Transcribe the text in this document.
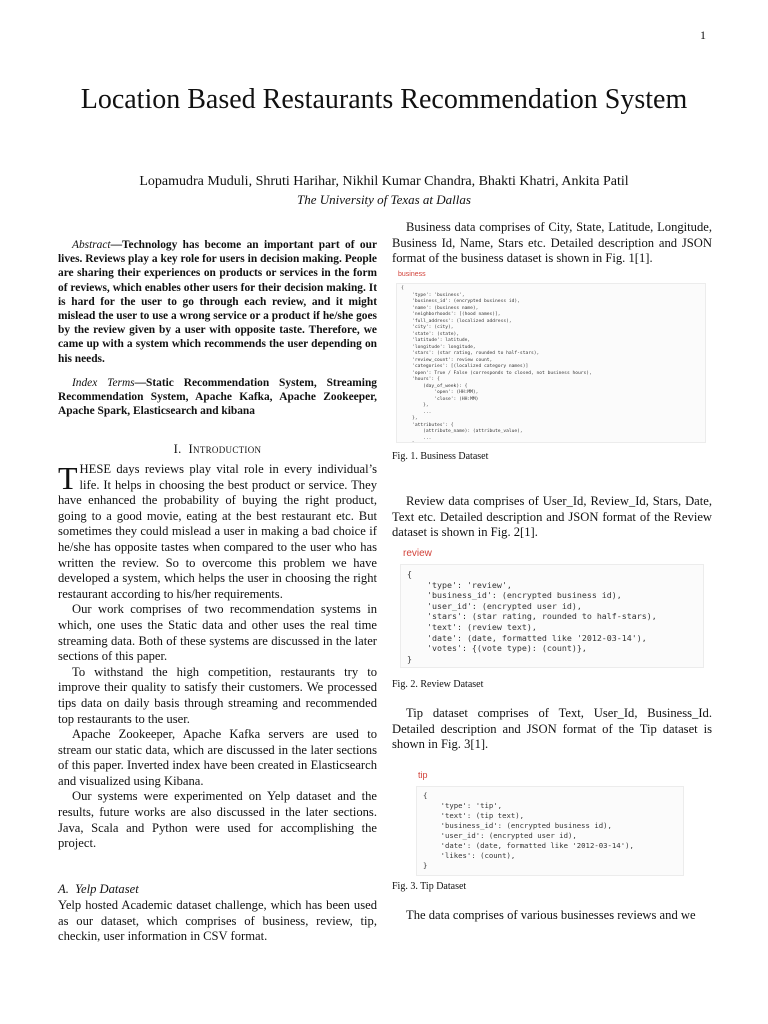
1
Location Based Restaurants Recommendation System
Lopamudra Muduli, Shruti Harihar, Nikhil Kumar Chandra, Bhakti Khatri, Ankita Patil
The University of Texas at Dallas
Abstract—Technology has become an important part of our lives. Reviews play a key role for users in decision making. People are sharing their experiences on products or services in the form of reviews, which enables other users for their decision making. It is hard for the user to go through each review, and it might mislead the user to use a wrong service or a product if he/she goes by the review given by a user with opposite taste. Therefore, we came up with a system which recommends the user depending on his needs.
Index Terms—Static Recommendation System, Streaming Recommendation System, Apache Kafka, Apache Zookeeper, Apache Spark, Elasticsearch and kibana
I. Introduction

THESE days reviews play vital role in every individual’s life. It helps in choosing the best product or service. They have enhanced the probability of buying the right product, going to a good movie, eating at the best restaurant etc. But sometimes they could mislead a user in making a bad choice if he/she has opposite tastes when compared to the user who has written the review. So to overcome this problem we have developed a system, which helps the user in choosing the right restaurant according to his/her requirements.

Our work comprises of two recommendation systems in which, one uses the Static data and other uses the real time streaming data. Both of these systems are discussed in the later sections of this paper.

To withstand the high competition, restaurants try to improve their quality to satisfy their customers. We processed tips data on daily basis through streaming and recommended top restaurants to the user.

Apache Zookeeper, Apache Kafka servers are used to stream our static data, which are discussed in the later sections of this paper. Inverted index have been created in Elasticsearch and visualized using Kibana.

Our systems were experimented on Yelp dataset and the results, future works are also discussed in the later sections. Java, Scala and Python were used for accomplishing the project.

A. Yelp Dataset
Yelp hosted Academic dataset challenge, which has been used as our dataset, which comprises of business, review, tip, checkin, user information in CSV format.

Business data comprises of City, State, Latitude, Longitude, Business Id, Name, Stars etc. Detailed description and JSON format of the business dataset is shown in Fig. 1[1].

business
{
'type': 'business',
'business_id': (encrypted business id),
'name': (business name),
'neighborhoods': [(hood names)],
'full_address': (localized address),
'city': (city),
'state': (state),
'latitude': latitude,
'longitude': longitude,
'stars': (star rating, rounded to half-stars),
'review_count': review count,
'categories': [(localized category names)]
'open': True / False (corresponds to closed, not business hours),
'hours': {
(day_of_week): {
'open': (HH:MM),
'close': (HH:MM)
},
...
},
'attributes': {
(attribute_name): (attribute_value),
...

Fig. 1. Business Dataset

Review data comprises of User_Id, Review_Id, Stars, Date, Text etc. Detailed description and JSON format of the Review dataset is shown in Fig. 2[1].

review
{
'type': 'review',
'business_id': (encrypted business id),
'user_id': (encrypted user id),
'stars': (star rating, rounded to half-stars),
'text': (review text),
'date': (date, formatted like '2012-03-14'),
'votes': {(vote type): (count)},
}
Fig. 2. Review Dataset

Tip dataset comprises of Text, User_Id, Business_Id. Detailed description and JSON format of the Tip dataset is shown in Fig. 3[1].

tip
{
'type': 'tip',
'text': (tip text),
'business_id': (encrypted business id),
'user_id': (encrypted user id),
'date': (date, formatted like '2012-03-14'),
'likes': (count),
}
Fig. 3. Tip Dataset

The data comprises of various businesses reviews and we
